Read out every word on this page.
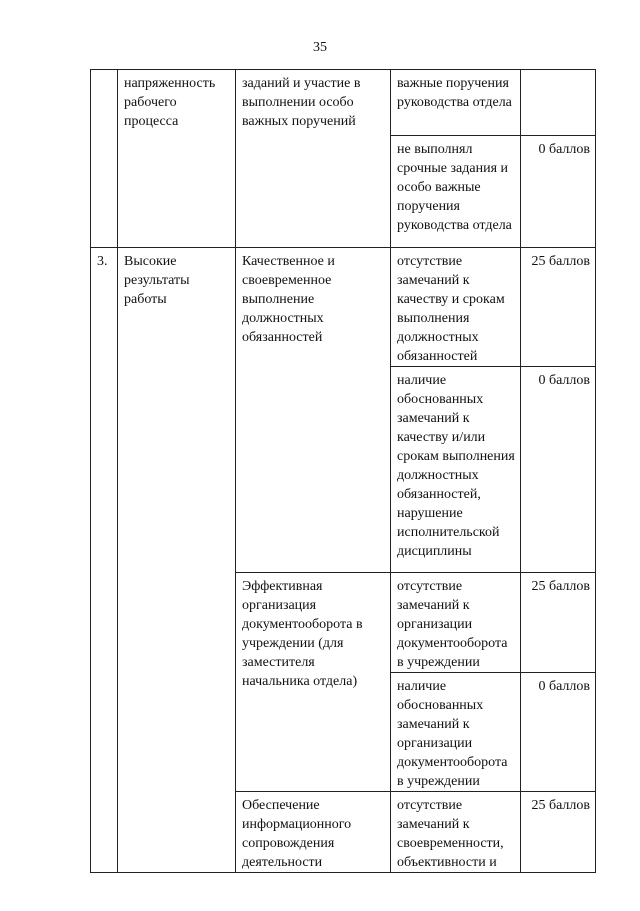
35
	напряженность рабочего процесса	заданий и участие в выполнении особо важных поручений	важные поручения руководства отдела	
			не выполнял срочные задания и особо важные поручения руководства отдела	0 баллов
3.	Высокие результаты работы	Качественное и своевременное выполнение должностных обязанностей	отсутствие замечаний к качеству и срокам выполнения должностных обязанностей	25 баллов
			наличие обоснованных замечаний к качеству и/или срокам выполнения должностных обязанностей, нарушение исполнительской дисциплины	0 баллов
		Эффективная организация документооборота в учреждении (для заместителя начальника отдела)	отсутствие замечаний к организации документооборота в учреждении	25 баллов
			наличие обоснованных замечаний к организации документооборота в учреждении	0 баллов
		Обеспечение информационного сопровождения деятельности	отсутствие замечаний к своевременности, объективности и	25 баллов
